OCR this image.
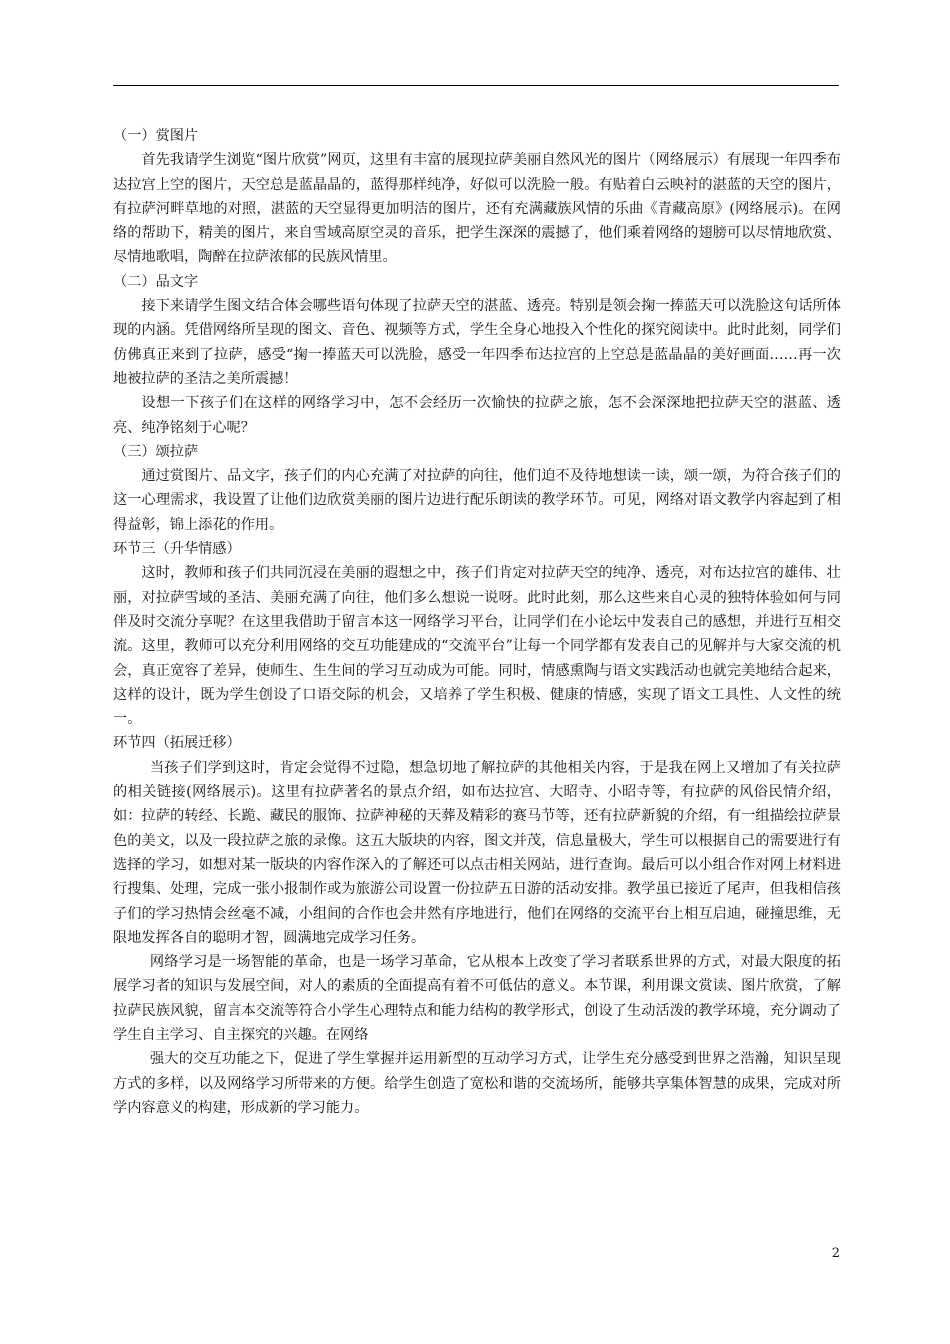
（一）赏图片

首先我请学生浏览“图片欣赏”网页，这里有丰富的展现拉萨美丽自然风光的图片（网络展示）有展现一年四季布达拉宫上空的图片，天空总是蓝晶晶的，蓝得那样纯净，好似可以洗脸一般。有贴着白云映衬的湛蓝的天空的图片，有拉萨河畔草地的对照，湛蓝的天空显得更加明洁的图片，还有充满藏族风情的乐曲《青藏高原》(网络展示)。在网络的帮助下，精美的图片，来自雪域高原空灵的音乐，把学生深深的震撼了，他们乘着网络的翅膀可以尽情地欣赏、尽情地歌唱，陶醉在拉萨浓郁的民族风情里。

（二）品文字

接下来请学生图文结合体会哪些语句体现了拉萨天空的湛蓝、透亮。特别是领会掬一捧蓝天可以洗脸这句话所体现的内涵。凭借网络所呈现的图文、音色、视频等方式，学生全身心地投入个性化的探究阅读中。此时此刻，同学们仿佛真正来到了拉萨，感受“掬一捧蓝天可以洗脸，感受一年四季布达拉宫的上空总是蓝晶晶的美好画面……再一次地被拉萨的圣洁之美所震撼！

设想一下孩子们在这样的网络学习中，怎不会经历一次愉快的拉萨之旅，怎不会深深地把拉萨天空的湛蓝、透亮、纯净铭刻于心呢？

（三）颂拉萨

通过赏图片、品文字，孩子们的内心充满了对拉萨的向往，他们迫不及待地想读一读，颂一颂，为符合孩子们的这一心理需求，我设置了让他们边欣赏美丽的图片边进行配乐朗读的教学环节。可见，网络对语文教学内容起到了相得益彰，锦上添花的作用。

环节三（升华情感）

这时，教师和孩子们共同沉浸在美丽的遐想之中，孩子们肯定对拉萨天空的纯净、透亮，对布达拉宫的雄伟、壮丽，对拉萨雪域的圣洁、美丽充满了向往，他们多么想说一说呀。此时此刻，那么这些来自心灵的独特体验如何与同伴及时交流分享呢？在这里我借助于留言本这一网络学习平台，让同学们在小论坛中发表自己的感想，并进行互相交流。这里，教师可以充分利用网络的交互功能建成的“交流平台”让每一个同学都有发表自己的见解并与大家交流的机会，真正宽容了差异，使师生、生生间的学习互动成为可能。同时，情感熏陶与语文实践活动也就完美地结合起来，这样的设计，既为学生创设了口语交际的机会，又培养了学生积极、健康的情感，实现了语文工具性、人文性的统一。

环节四（拓展迁移）

当孩子们学到这时，肯定会觉得不过隐，想急切地了解拉萨的其他相关内容，于是我在网上又增加了有关拉萨的相关链接(网络展示)。这里有拉萨著名的景点介绍，如布达拉宫、大昭寺、小昭寺等，有拉萨的风俗民情介绍，如：拉萨的转经、长跪、藏民的服饰、拉萨神秘的天葬及精彩的赛马节等，还有拉萨新貌的介绍，有一组描绘拉萨景色的美文，以及一段拉萨之旅的录像。这五大版块的内容，图文并茂，信息量极大，学生可以根据自己的需要进行有选择的学习，如想对某一版块的内容作深入的了解还可以点击相关网站，进行查询。最后可以小组合作对网上材料进行搜集、处理，完成一张小报制作或为旅游公司设置一份拉萨五日游的活动安排。教学虽已接近了尾声，但我相信孩子们的学习热情会丝毫不减，小组间的合作也会井然有序地进行，他们在网络的交流平台上相互启迪，碰撞思维，无限地发挥各自的聪明才智，圆满地完成学习任务。

网络学习是一场智能的革命，也是一场学习革命，它从根本上改变了学习者联系世界的方式，对最大限度的拓展学习者的知识与发展空间，对人的素质的全面提高有着不可低估的意义。本节课，利用课文赏读、图片欣赏，了解拉萨民族风貌，留言本交流等符合小学生心理特点和能力结构的教学形式，创设了生动活泼的教学环境，充分调动了学生自主学习、自主探究的兴趣。在网络

强大的交互功能之下，促进了学生掌握并运用新型的互动学习方式，让学生充分感受到世界之浩瀚，知识呈现方式的多样，以及网络学习所带来的方便。给学生创造了宽松和谐的交流场所，能够共享集体智慧的成果，完成对所学内容意义的构建，形成新的学习能力。

2
